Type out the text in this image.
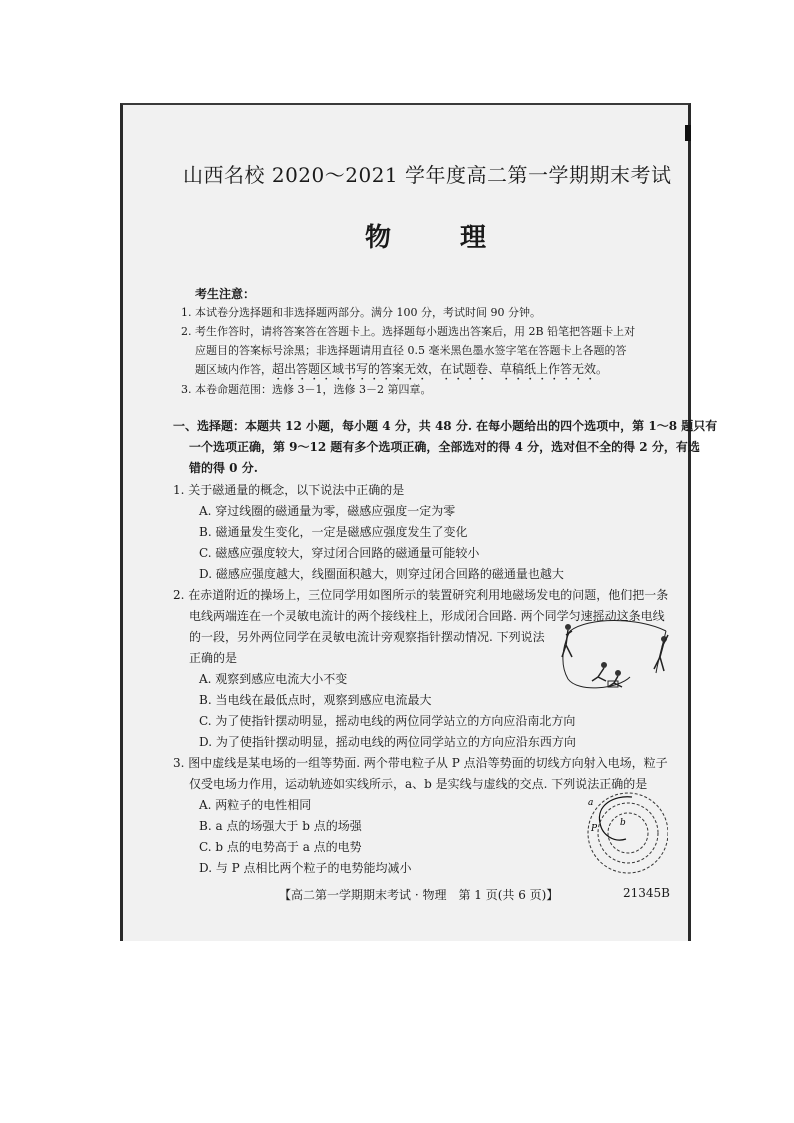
山西名校 2020～2021 学年度高二第一学期期末考试
物 理
考生注意：
1. 本试卷分选择题和非选择题两部分。满分 100 分，考试时间 90 分钟。
2. 考生作答时，请将答案答在答题卡上。选择题每小题选出答案后，用 2B 铅笔把答题卡上对
应题目的答案标号涂黑；非选择题请用直径 0.5 毫米黑色墨水签字笔在答题卡上各题的答
题区域内作答，超出答题区域书写的答案无效，在试题卷、草稿纸上作答无效。
3. 本卷命题范围：选修 3－1，选修 3－2 第四章。
一、选择题：本题共 12 小题，每小题 4 分，共 48 分. 在每小题给出的四个选项中，第 1～8 题只有
一个选项正确，第 9～12 题有多个选项正确，全部选对的得 4 分，选对但不全的得 2 分，有选
错的得 0 分.
1. 关于磁通量的概念，以下说法中正确的是
A. 穿过线圈的磁通量为零，磁感应强度一定为零
B. 磁通量发生变化，一定是磁感应强度发生了变化
C. 磁感应强度较大，穿过闭合回路的磁通量可能较小
D. 磁感应强度越大，线圈面积越大，则穿过闭合回路的磁通量也越大
2. 在赤道附近的操场上，三位同学用如图所示的装置研究利用地磁场发电的问题，他们把一条
电线两端连在一个灵敏电流计的两个接线柱上，形成闭合回路. 两个同学匀速摇动这条电线
的一段，另外两位同学在灵敏电流计旁观察指针摆动情况. 下列说法
正确的是
A. 观察到感应电流大小不变
B. 当电线在最低点时，观察到感应电流最大
C. 为了使指针摆动明显，摇动电线的两位同学站立的方向应沿南北方向
D. 为了使指针摆动明显，摇动电线的两位同学站立的方向应沿东西方向
3. 图中虚线是某电场的一组等势面. 两个带电粒子从 P 点沿等势面的切线方向射入电场，粒子
仅受电场力作用，运动轨迹如实线所示，a、b 是实线与虚线的交点. 下列说法正确的是
A. 两粒子的电性相同
B. a 点的场强大于 b 点的场强
C. b 点的电势高于 a 点的电势
D. 与 P 点相比两个粒子的电势能均减小
a
b
P
【高二第一学期期末考试 · 物理　第 1 页(共 6 页)】	21345B
